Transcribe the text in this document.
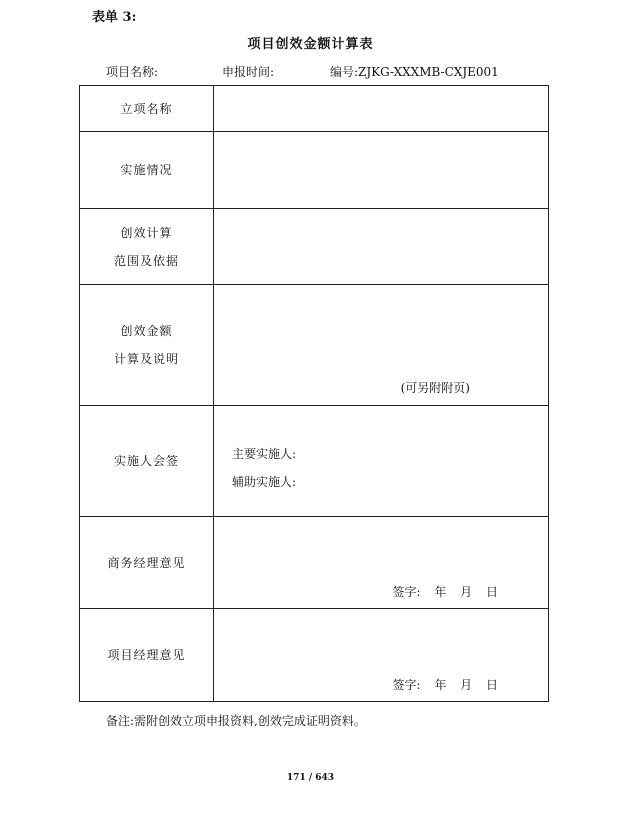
表单 3:
项目创效金额计算表
项目名称:	申报时间:	编号:ZJKG-XXXMB-CXJE001
立项名称	
实施情况	

创效计算
范围及依据	

创效金额
计算及说明	(可另附附页)

实施人会签	主要实施人:
辅助实施人:

商务经理意见	签字: 年 月 日

项目经理意见	签字: 年 月 日
备注:需附创效立项申报资料,创效完成证明资料。
171 / 643
